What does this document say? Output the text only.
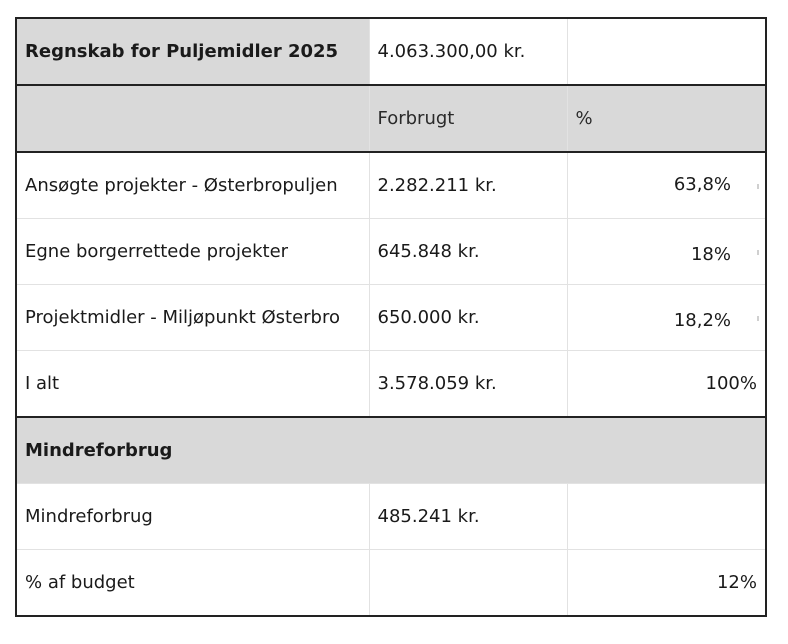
Regnskab for Puljemidler 2025	4.063.300,00 kr.	
	Forbrugt	%
Ansøgte projekter - Østerbropuljen	2.282.211 kr.	63,8%

Egne borgerrettede projekter	645.848 kr.	18%

Projektmidler - Miljøpunkt Østerbro	650.000 kr.	18,2%

I alt	3.578.059 kr.	100%
Mindreforbrug		
Mindreforbrug	485.241 kr.	
% af budget		12%
